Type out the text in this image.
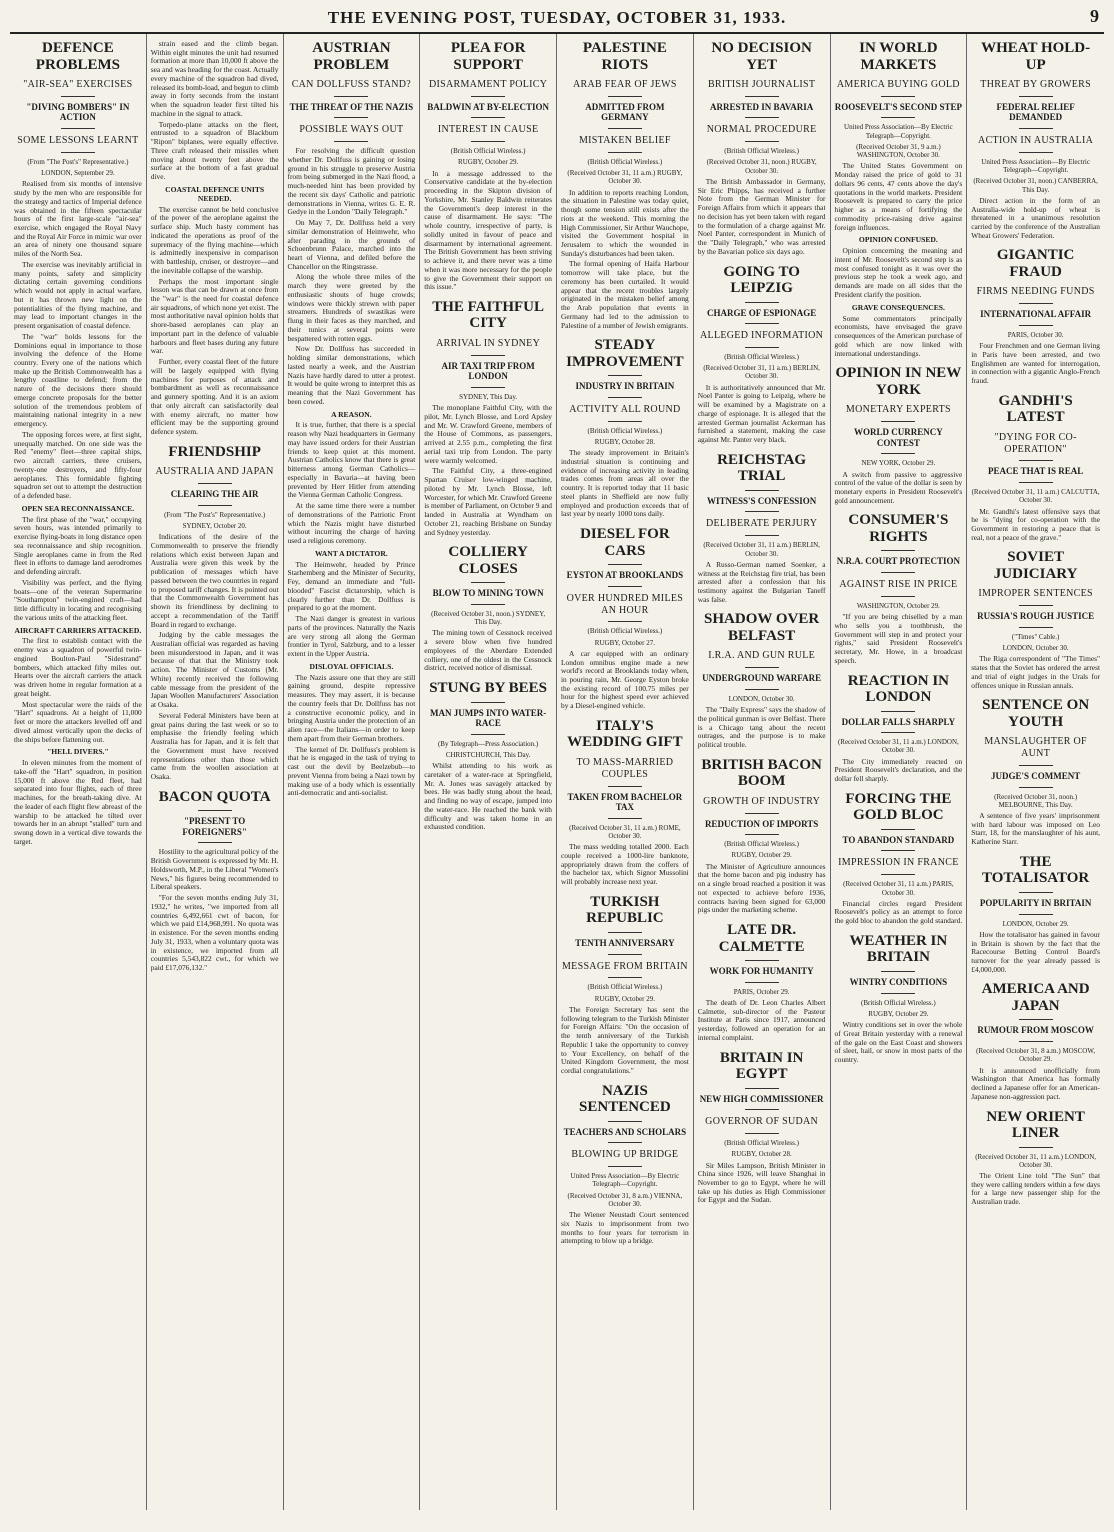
THE EVENING POST, TUESDAY, OCTOBER 31, 1933.	9
DEFENCE PROBLEMS
"AIR-SEA" EXERCISES
"DIVING BOMBERS" IN ACTION
SOME LESSONS LEARNT
(From "The Post's" Representative.)
LONDON, September 29.

Realised from six months of intensive study by the men who are responsible for the strategy and tactics of Imperial defence was obtained in the fifteen spectacular hours of the first large-scale "air-sea" exercise, which engaged the Royal Navy and the Royal Air Force in mimic war over an area of ninety one thousand square miles of the North Sea.

The exercise was inevitably artificial in many points, safety and simplicity dictating certain governing conditions which would not apply in actual warfare, but it has thrown new light on the potentialities of the flying machine, and may lead to important changes in the present organisation of coastal defence.

The "war" holds lessons for the Dominions equal in importance to those involving the defence of the Home country. Every one of the nations which make up the British Commonwealth has a lengthy coastline to defend; from the nature of the decisions there should emerge concrete proposals for the better solution of the tremendous problem of maintaining national integrity in a new emergency.

The opposing forces were, at first sight, unequally matched. On one side was the Red "enemy" fleet—three capital ships, two aircraft carriers, three cruisers, twenty-one destroyers, and fifty-four aeroplanes. This formidable fighting squadron set out to attempt the destruction of a defended base.

OPEN SEA RECONNAISSANCE.

The first phase of the "war," occupying seven hours, was intended primarily to exercise flying-boats in long distance open sea reconnaissance and ship recognition. Single aeroplanes came in from the Red fleet in efforts to damage land aerodromes and defending aircraft.

Visibility was perfect, and the flying boats—one of the veteran Supermarine "Southampton" twin-engined craft—had little difficulty in locating and recognising the various units of the attacking fleet.

AIRCRAFT CARRIERS ATTACKED.

The first to establish contact with the enemy was a squadron of powerful twin-engined Boulton-Paul "Sidestrand" bombers, which attacked fifty miles out. Hearts over the aircraft carriers the attack was driven home in regular formation at a great height.

Most spectacular were the raids of the "Hart" squadrons. At a height of 11,000 feet or more the attackers levelled off and dived almost vertically upon the decks of the ships before flattening out.

"HELL DIVERS."

In eleven minutes from the moment of take-off the "Hart" squadron, in position 15,000 ft above the Red fleet, had separated into four flights, each of three machines, for the breath-taking dive. At the leader of each flight flew abreast of the warship to be attacked he tilted over towards her in an abrupt "stalled" turn and swung down in a vertical dive towards the target.

strain eased and the climb began. Within eight minutes the unit had resumed formation at more than 10,000 ft above the sea and was heading for the coast. Actually every machine of the squadron had dived, released its bomb-load, and begun to climb away in forty seconds from the instant when the squadron leader first tilted his machine in the signal to attack.

Torpedo-plane attacks on the fleet, entrusted to a squadron of Blackburn "Ripon" biplanes, were equally effective. Three craft released their missiles when moving about twenty feet above the surface at the bottom of a fast gradual dive.

COASTAL DEFENCE UNITS NEEDED.

The exercise cannot be held conclusive of the power of the aeroplane against the surface ship. Much hasty comment has indicated the operations as proof of the supremacy of the flying machine—which is admittedly inexpensive in comparison with battleship, cruiser, or destroyer—and the inevitable collapse of the warship.

Perhaps the most important single lesson was that can be drawn at once from the "war" is the need for coastal defence air squadrons, of which none yet exist. The most authoritative naval opinion holds that shore-based aeroplanes can play an important part in the defence of valuable harbours and fleet bases during any future war.

Further, every coastal fleet of the future will be largely equipped with flying machines for purposes of attack and bombardment as well as reconnaissance and gunnery spotting. And it is an axiom that only aircraft can satisfactorily deal with enemy aircraft, no matter how efficient may be the supporting ground defence system.

FRIENDSHIP
AUSTRALIA AND JAPAN
CLEARING THE AIR
(From "The Post's" Representative.)
SYDNEY, October 20.

Indications of the desire of the Commonwealth to preserve the friendly relations which exist between Japan and Australia were given this week by the publication of messages which have passed between the two countries in regard to proposed tariff changes. It is pointed out that the Commonwealth Government has shown its friendliness by declining to accept a recommendation of the Tariff Board in regard to exchange.

Judging by the cable messages the Australian official was regarded as having been misunderstood in Japan, and it was because of that that the Ministry took action. The Minister of Customs (Mr. White) recently received the following cable message from the president of the Japan Woollen Manufacturers' Association at Osaka.

Several Federal Ministers have been at great pains during the last week or so to emphasise the friendly feeling which Australia has for Japan, and it is felt that the Government must have received representations other than those which came from the woollen association at Osaka.

BACON QUOTA
"PRESENT TO FOREIGNERS"

Hostility to the agricultural policy of the British Government is expressed by Mr. H. Holdsworth, M.P., in the Liberal "Women's News," his figures being recommended to Liberal speakers.

"For the seven months ending July 31, 1932," he writes, "we imported from all countries 6,492,661 cwt of bacon, for which we paid £14,968,991. No quota was in existence. For the seven months ending July 31, 1933, when a voluntary quota was in existence, we imported from all countries 5,543,822 cwt., for which we paid £17,076,132."

AUSTRIAN PROBLEM
CAN DOLLFUSS STAND?
THE THREAT OF THE NAZIS
POSSIBLE WAYS OUT

For resolving the difficult question whether Dr. Dollfuss is gaining or losing ground in his struggle to preserve Austria from being submerged in the Nazi flood, a much-needed hint has been provided by the recent six days' Catholic and patriotic demonstrations in Vienna, writes G. E. R. Gedye in the London "Daily Telegraph."

On May 7, Dr. Dollfuss held a very similar demonstration of Heimwehr, who after parading in the grounds of Schoenbrunn Palace, marched into the heart of Vienna, and defiled before the Chancellor on the Ringstrasse.

Along the whole three miles of the march they were greeted by the enthusiastic shouts of huge crowds; windows were thickly strewn with paper streamers. Hundreds of swastikas were flung in their faces as they marched, and their tunics at several points were bespattered with rotten eggs.

Now Dr. Dollfuss has succeeded in holding similar demonstrations, which lasted nearly a week, and the Austrian Nazis have hardly dared to utter a protest. It would be quite wrong to interpret this as meaning that the Nazi Government has been cowed.

A REASON.

It is true, further, that there is a special reason why Nazi headquarters in Germany may have issued orders for their Austrian friends to keep quiet at this moment. Austrian Catholics know that there is great bitterness among German Catholics—especially in Bavaria—at having been prevented by Herr Hitler from attending the Vienna German Catholic Congress.

At the same time there were a number of demonstrations of the Patriotic Front which the Nazis might have disturbed without incurring the charge of having used a religious ceremony.

WANT A DICTATOR.

The Heimwehr, headed by Prince Starhemberg and the Minister of Security, Fey, demand an immediate and "full-blooded" Fascist dictatorship, which is clearly further than Dr. Dollfuss is prepared to go at the moment.

The Nazi danger is greatest in various parts of the provinces. Naturally the Nazis are very strong all along the German frontier in Tyrol, Salzburg, and to a lesser extent in the Upper Austria.

DISLOYAL OFFICIALS.

The Nazis assure one that they are still gaining ground, despite repressive measures. They may assert, it is because the country feels that Dr. Dollfuss has not a constructive economic policy, and in bringing Austria under the protection of an alien race—the Italians—in order to keep them apart from their German brothers.

The kernel of Dr. Dollfuss's problem is that he is engaged in the task of trying to cast out the devil by Beelzebub—to prevent Vienna from being a Nazi town by making use of a body which is essentially anti-democratic and anti-socialist.

PLEA FOR SUPPORT
DISARMAMENT POLICY
BALDWIN AT BY-ELECTION
INTEREST IN CAUSE
(British Official Wireless.)
RUGBY, October 29.

In a message addressed to the Conservative candidate at the by-election proceeding in the Skipton division of Yorkshire, Mr. Stanley Baldwin reiterates the Government's deep interest in the cause of disarmament. He says: "The whole country, irrespective of party, is solidly united in favour of peace and disarmament by international agreement. The British Government has been striving to achieve it, and there never was a time when it was more necessary for the people to give the Government their support on this issue."

THE FAITHFUL CITY
ARRIVAL IN SYDNEY
AIR TAXI TRIP FROM LONDON
SYDNEY, This Day.

The monoplane Faithful City, with the pilot, Mr. Lynch Blosse, and Lord Apsley and Mr. W. Crawford Greene, members of the House of Commons, as passengers, arrived at 2.55 p.m., completing the first aerial taxi trip from London. The party were warmly welcomed.

The Faithful City, a three-engined Spartan Cruiser low-winged machine, piloted by Mr. Lynch Blosse, left Worcester, for which Mr. Crawford Greene is member of Parliament, on October 9 and landed in Australia at Wyndham on October 21, reaching Brisbane on Sunday and Sydney yesterday.

COLLIERY CLOSES
BLOW TO MINING TOWN
(Received October 31, noon.) SYDNEY, This Day.

The mining town of Cessnock received a severe blow when five hundred employees of the Aberdare Extended colliery, one of the oldest in the Cessnock district, received notice of dismissal.

STUNG BY BEES
MAN JUMPS INTO WATER-RACE
(By Telegraph—Press Association.)
CHRISTCHURCH, This Day.

Whilst attending to his work as caretaker of a water-race at Springfield, Mr. A. Jones was savagely attacked by bees. He was badly stung about the head, and finding no way of escape, jumped into the water-race. He reached the bank with difficulty and was taken home in an exhausted condition.

PALESTINE RIOTS
ARAB FEAR OF JEWS
ADMITTED FROM GERMANY
MISTAKEN BELIEF
(British Official Wireless.)
(Received October 31, 11 a.m.) RUGBY, October 30.

In addition to reports reaching London, the situation in Palestine was today quiet, though some tension still exists after the riots at the weekend. This morning the High Commissioner, Sir Arthur Wauchope, visited the Government hospital in Jerusalem to which the wounded in Sunday's disturbances had been taken.

The formal opening of Haifa Harbour tomorrow will take place, but the ceremony has been curtailed. It would appear that the recent troubles largely originated in the mistaken belief among the Arab population that events in Germany had led to the admission to Palestine of a number of Jewish emigrants.

STEADY IMPROVEMENT
INDUSTRY IN BRITAIN
ACTIVITY ALL ROUND
(British Official Wireless.)
RUGBY, October 28.

The steady improvement in Britain's industrial situation is continuing and evidence of increasing activity in leading trades comes from areas all over the country. It is reported today that 11 basic steel plants in Sheffield are now fully employed and production exceeds that of last year by nearly 1000 tons daily.

DIESEL FOR CARS
EYSTON AT BROOKLANDS
OVER HUNDRED MILES AN HOUR
(British Official Wireless.)
RUGBY, October 27.

A car equipped with an ordinary London omnibus engine made a new world's record at Brooklands today when, in pouring rain, Mr. George Eyston broke the existing record of 100.75 miles per hour for the highest speed ever achieved by a Diesel-engined vehicle.

ITALY'S WEDDING GIFT
TO MASS-MARRIED COUPLES
TAKEN FROM BACHELOR TAX
(Received October 31, 11 a.m.) ROME, October 30.

The mass wedding totalled 2000. Each couple received a 1000-lire banknote, appropriately drawn from the coffers of the bachelor tax, which Signor Mussolini will probably increase next year.

TURKISH REPUBLIC
TENTH ANNIVERSARY
MESSAGE FROM BRITAIN
(British Official Wireless.)
RUGBY, October 29.

The Foreign Secretary has sent the following telegram to the Turkish Minister for Foreign Affairs: "On the occasion of the tenth anniversary of the Turkish Republic I take the opportunity to convey to Your Excellency, on behalf of the United Kingdom Government, the most cordial congratulations."

NAZIS SENTENCED
TEACHERS AND SCHOLARS
BLOWING UP BRIDGE
United Press Association—By Electric Telegraph—Copyright.
(Received October 31, 8 a.m.) VIENNA, October 30.

The Wiener Neustadt Court sentenced six Nazis to imprisonment from two months to four years for terrorism in attempting to blow up a bridge.

NO DECISION YET
BRITISH JOURNALIST
ARRESTED IN BAVARIA
NORMAL PROCEDURE
(British Official Wireless.)
(Received October 31, noon.) RUGBY, October 30.

The British Ambassador in Germany, Sir Eric Phipps, has received a further Note from the German Minister for Foreign Affairs from which it appears that no decision has yet been taken with regard to the formulation of a charge against Mr. Noel Panter, correspondent in Munich of the "Daily Telegraph," who was arrested by the Bavarian police six days ago.

GOING TO LEIPZIG
CHARGE OF ESPIONAGE
ALLEGED INFORMATION
(British Official Wireless.)
(Received October 31, 11 a.m.) BERLIN, October 30.

It is authoritatively announced that Mr. Noel Panter is going to Leipzig, where he will be examined by a Magistrate on a charge of espionage. It is alleged that the arrested German journalist Ackerman has furnished a statement, making the case against Mr. Panter very black.

REICHSTAG TRIAL
WITNESS'S CONFESSION
DELIBERATE PERJURY
(Received October 31, 11 a.m.) BERLIN, October 30.

A Russo-German named Soenker, a witness at the Reichstag fire trial, has been arrested after a confession that his testimony against the Bulgarian Taneff was false.

SHADOW OVER BELFAST
I.R.A. AND GUN RULE
UNDERGROUND WARFARE
LONDON, October 30.

The "Daily Express" says the shadow of the political gunman is over Belfast. There is a Chicago tang about the recent outrages, and the purpose is to make political trouble.

BRITISH BACON BOOM
GROWTH OF INDUSTRY
REDUCTION OF IMPORTS
(British Official Wireless.)
RUGBY, October 29.

The Minister of Agriculture announces that the home bacon and pig industry has on a single broad reached a position it was not expected to achieve before 1936, contracts having been signed for 63,000 pigs under the marketing scheme.

LATE DR. CALMETTE
WORK FOR HUMANITY
PARIS, October 29.

The death of Dr. Leon Charles Albert Calmette, sub-director of the Pasteur Institute at Paris since 1917, announced yesterday, followed an operation for an internal complaint.

BRITAIN IN EGYPT
NEW HIGH COMMISSIONER
GOVERNOR OF SUDAN
(British Official Wireless.)
RUGBY, October 28.

Sir Miles Lampson, British Minister in China since 1926, will leave Shanghai in November to go to Egypt, where he will take up his duties as High Commissioner for Egypt and the Sudan.

IN WORLD MARKETS
AMERICA BUYING GOLD
ROOSEVELT'S SECOND STEP
United Press Association—By Electric Telegraph—Copyright.
(Received October 31, 9 a.m.) WASHINGTON, October 30.

The United States Government on Monday raised the price of gold to 31 dollars 96 cents, 47 cents above the day's quotations in the world markets. President Roosevelt is prepared to carry the price higher as a means of fortifying the commodity price-raising drive against foreign influences.

OPINION CONFUSED.

Opinion concerning the meaning and intent of Mr. Roosevelt's second step is as most confused tonight as it was over the previous step he took a week ago, and demands are made on all sides that the President clarify the position.

GRAVE CONSEQUENCES.

Some commentators principally economists, have envisaged the grave consequences of the American purchase of gold which are now linked with international understandings.

OPINION IN NEW YORK
MONETARY EXPERTS
WORLD CURRENCY CONTEST
NEW YORK, October 29.

A switch from passive to aggressive control of the value of the dollar is seen by monetary experts in President Roosevelt's gold announcement.

CONSUMER'S RIGHTS
N.R.A. COURT PROTECTION
AGAINST RISE IN PRICE
WASHINGTON, October 29.

"If you are being chiselled by a man who sells you a toothbrush, the Government will step in and protect your rights," said President Roosevelt's secretary, Mr. Howe, in a broadcast speech.

REACTION IN LONDON
DOLLAR FALLS SHARPLY
(Received October 31, 11 a.m.) LONDON, October 30.

The City immediately reacted on President Roosevelt's declaration, and the dollar fell sharply.

FORCING THE GOLD BLOC
TO ABANDON STANDARD
IMPRESSION IN FRANCE
(Received October 31, 11 a.m.) PARIS, October 30.

Financial circles regard President Roosevelt's policy as an attempt to force the gold bloc to abandon the gold standard.

WEATHER IN BRITAIN
WINTRY CONDITIONS
(British Official Wireless.)
RUGBY, October 29.

Wintry conditions set in over the whole of Great Britain yesterday with a renewal of the gale on the East Coast and showers of sleet, hail, or snow in most parts of the country.

WHEAT HOLD-UP
THREAT BY GROWERS
FEDERAL RELIEF DEMANDED
ACTION IN AUSTRALIA
United Press Association—By Electric Telegraph—Copyright.
(Received October 31, noon.) CANBERRA, This Day.

Direct action in the form of an Australia-wide hold-up of wheat is threatened in a unanimous resolution carried by the conference of the Australian Wheat Growers' Federation.

GIGANTIC FRAUD
FIRMS NEEDING FUNDS
INTERNATIONAL AFFAIR
PARIS, October 30.

Four Frenchmen and one German living in Paris have been arrested, and two Englishmen are wanted for interrogation, in connection with a gigantic Anglo-French fraud.

GANDHI'S LATEST
"DYING FOR CO-OPERATION"
PEACE THAT IS REAL
(Received October 31, 11 a.m.) CALCUTTA, October 30.

Mr. Gandhi's latest offensive says that he is "dying for co-operation with the Government in restoring a peace that is real, not a peace of the grave."

SOVIET JUDICIARY
IMPROPER SENTENCES
RUSSIA'S ROUGH JUSTICE
("Times" Cable.)
LONDON, October 30.

The Riga correspondent of "The Times" states that the Soviet has ordered the arrest and trial of eight judges in the Urals for offences unique in Russian annals.

SENTENCE ON YOUTH
MANSLAUGHTER OF AUNT
JUDGE'S COMMENT
(Received October 31, noon.) MELBOURNE, This Day.

A sentence of five years' imprisonment with hard labour was imposed on Leo Starr, 18, for the manslaughter of his aunt, Katherine Starr.

THE TOTALISATOR
POPULARITY IN BRITAIN
LONDON, October 29.

How the totalisator has gained in favour in Britain is shown by the fact that the Racecourse Betting Control Board's turnover for the year already passed is £4,000,000.

AMERICA AND JAPAN
RUMOUR FROM MOSCOW
(Received October 31, 8 a.m.) MOSCOW, October 29.

It is announced unofficially from Washington that America has formally declined a Japanese offer for an American-Japanese non-aggression pact.

NEW ORIENT LINER
(Received October 31, 11 a.m.) LONDON, October 30.

The Orient Line told "The Sun" that they were calling tenders within a few days for a large new passenger ship for the Australian trade.
